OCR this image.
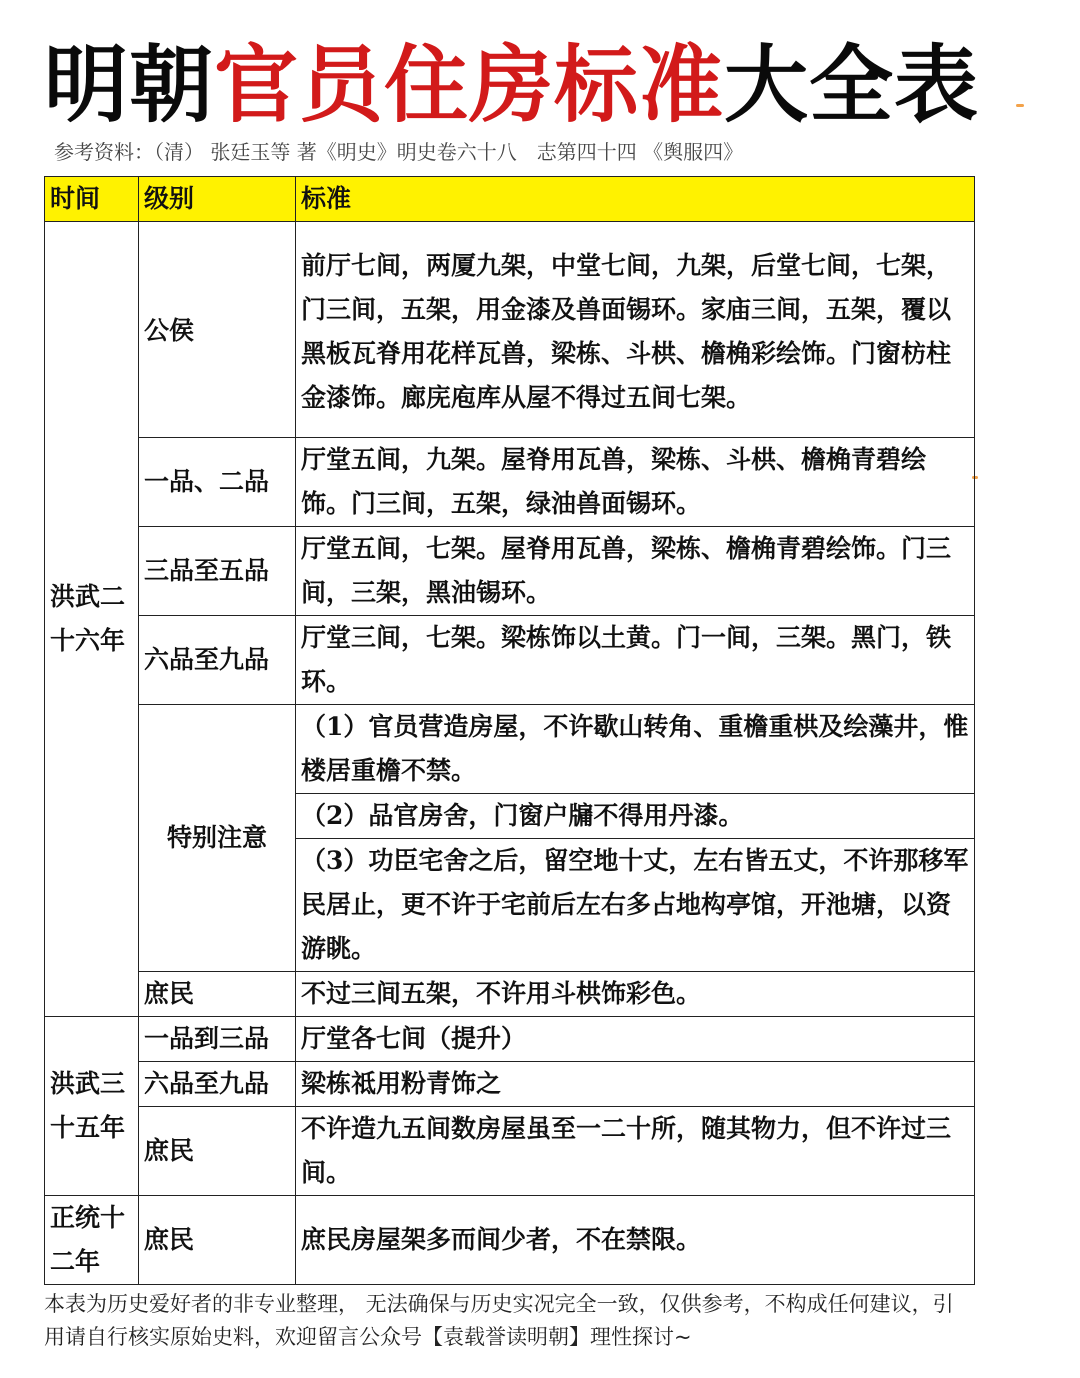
明朝官员住房标准大全表
参考资料：（清） 张廷玉等 著《明史》明史卷六十八　志第四十四 《舆服四》
时间	级别	标准
洪武二十六年	公侯	前厅七间，两厦九架，中堂七间，九架，后堂七间，七架，门三间，五架，用金漆及兽面锡环。家庙三间，五架，覆以黑板瓦脊用花样瓦兽，梁栋、斗栱、檐桷彩绘饰。门窗枋柱金漆饰。廊庑庖库从屋不得过五间七架。
	一品、二品	厅堂五间，九架。屋脊用瓦兽，梁栋、斗栱、檐桷青碧绘饰。门三间，五架，绿油兽面锡环。
	三品至五品	厅堂五间，七架。屋脊用瓦兽，梁栋、檐桷青碧绘饰。门三间，三架，黑油锡环。
	六品至九品	厅堂三间，七架。梁栋饰以土黄。门一间，三架。黑门，铁环。
	特别注意	（1）官员营造房屋，不许歇山转角、重檐重栱及绘藻井，惟楼居重檐不禁。
		（2）品官房舍，门窗户牖不得用丹漆。
		（3）功臣宅舍之后，留空地十丈，左右皆五丈，不许那移军民居止，更不许于宅前后左右多占地构亭馆，开池塘，以资游眺。
	庶民	不过三间五架，不许用斗栱饰彩色。
洪武三十五年	一品到三品	厅堂各七间（提升）
	六品至九品	梁栋祗用粉青饰之
	庶民	不许造九五间数房屋虽至一二十所，随其物力，但不许过三间。
正统十二年	庶民	庶民房屋架多而间少者，不在禁限。
本表为历史爱好者的非专业整理， 无法确保与历史实况完全一致，仅供参考，不构成任何建议，引用请自行核实原始史料，欢迎留言公众号【袁载誉读明朝】理性探讨~
